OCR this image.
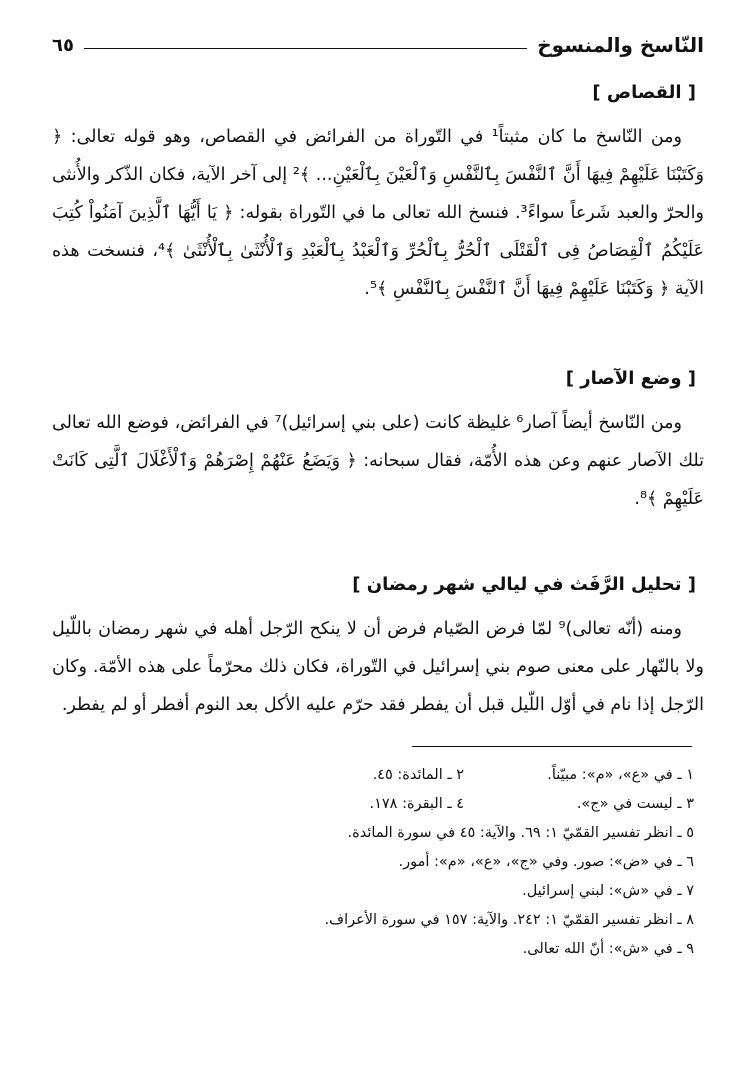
النّاسخ والمنسوخ
٦٥
[ القصاص ]

ومن النّاسخ ما كان مثبتاً¹ في التّوراة من الفرائض في القصاص، وهو قوله تعالى: ﴿ وَكَتَبْنَا عَلَيْهِمْ فِيهَا أَنَّ ٱلنَّفْسَ بِٱلنَّفْسِ وَٱلْعَيْنَ بِٱلْعَيْنِ... ﴾² إلى آخر الآية، فكان الذّكر والأُنثى والحرّ والعبد شَرعاً سواءً³. فنسخ الله تعالى ما في التّوراة بقوله: ﴿ يَا أَيُّهَا ٱلَّذِينَ آمَنُواْ كُتِبَ عَلَيْكُمُ ٱلْقِصَاصُ فِى ٱلْقَتْلَى ٱلْحُرُّ بِٱلْحُرِّ وَٱلْعَبْدُ بِٱلْعَبْدِ وَٱلْأُنْثَىٰ بِٱلْأُنْثَىٰ ﴾⁴، فنسخت هذه الآية ﴿ وَكَتَبْنَا عَلَيْهِمْ فِيهَا أَنَّ ٱلنَّفْسَ بِٱلنَّفْسِ ﴾⁵.

[ وضع الآصار ]

ومن النّاسخ أيضاً آصار⁶ غليظة كانت (على بني إسرائيل)⁷ في الفرائض، فوضع الله تعالى تلك الآصار عنهم وعن هذه الأُمّة، فقال سبحانه: ﴿ وَيَضَعُ عَنْهُمْ إِصْرَهُمْ وَٱلْأَغْلَالَ ٱلَّتِى كَانَتْ عَلَيْهِمْ ﴾⁸.

[ تحليل الرَّفَث في ليالي شهر رمضان ]

ومنه (أنّه تعالى)⁹ لمّا فرض الصّيام فرض أن لا ينكح الرّجل أهله في شهر رمضان باللّيل ولا بالنّهار على معنى صوم بني إسرائيل في التّوراة، فكان ذلك محرّماً على هذه الأمّة. وكان الرّجل إذا نام في أوّل اللّيل قبل أن يفطر فقد حرّم عليه الأكل بعد النوم أفطر أو لم يفطر.

١ ـ في «ع»، «م»: مبيّناً.
٢ ـ المائدة: ٤٥.
٣ ـ ليست في «ج».
٤ ـ البقرة: ١٧٨.
٥ ـ انظر تفسير القمّيّ ١: ٦٩. والآية: ٤٥ في سورة المائدة.
٦ ـ في «ض»: صور. وفي «ج»، «ع»، «م»: أمور.
٧ ـ في «ش»: لبني إسرائيل.
٨ ـ انظر تفسير القمّيّ ١: ٢٤٢. والآية: ١٥٧ في سورة الأعراف.
٩ ـ في «ش»: أنّ الله تعالى.
